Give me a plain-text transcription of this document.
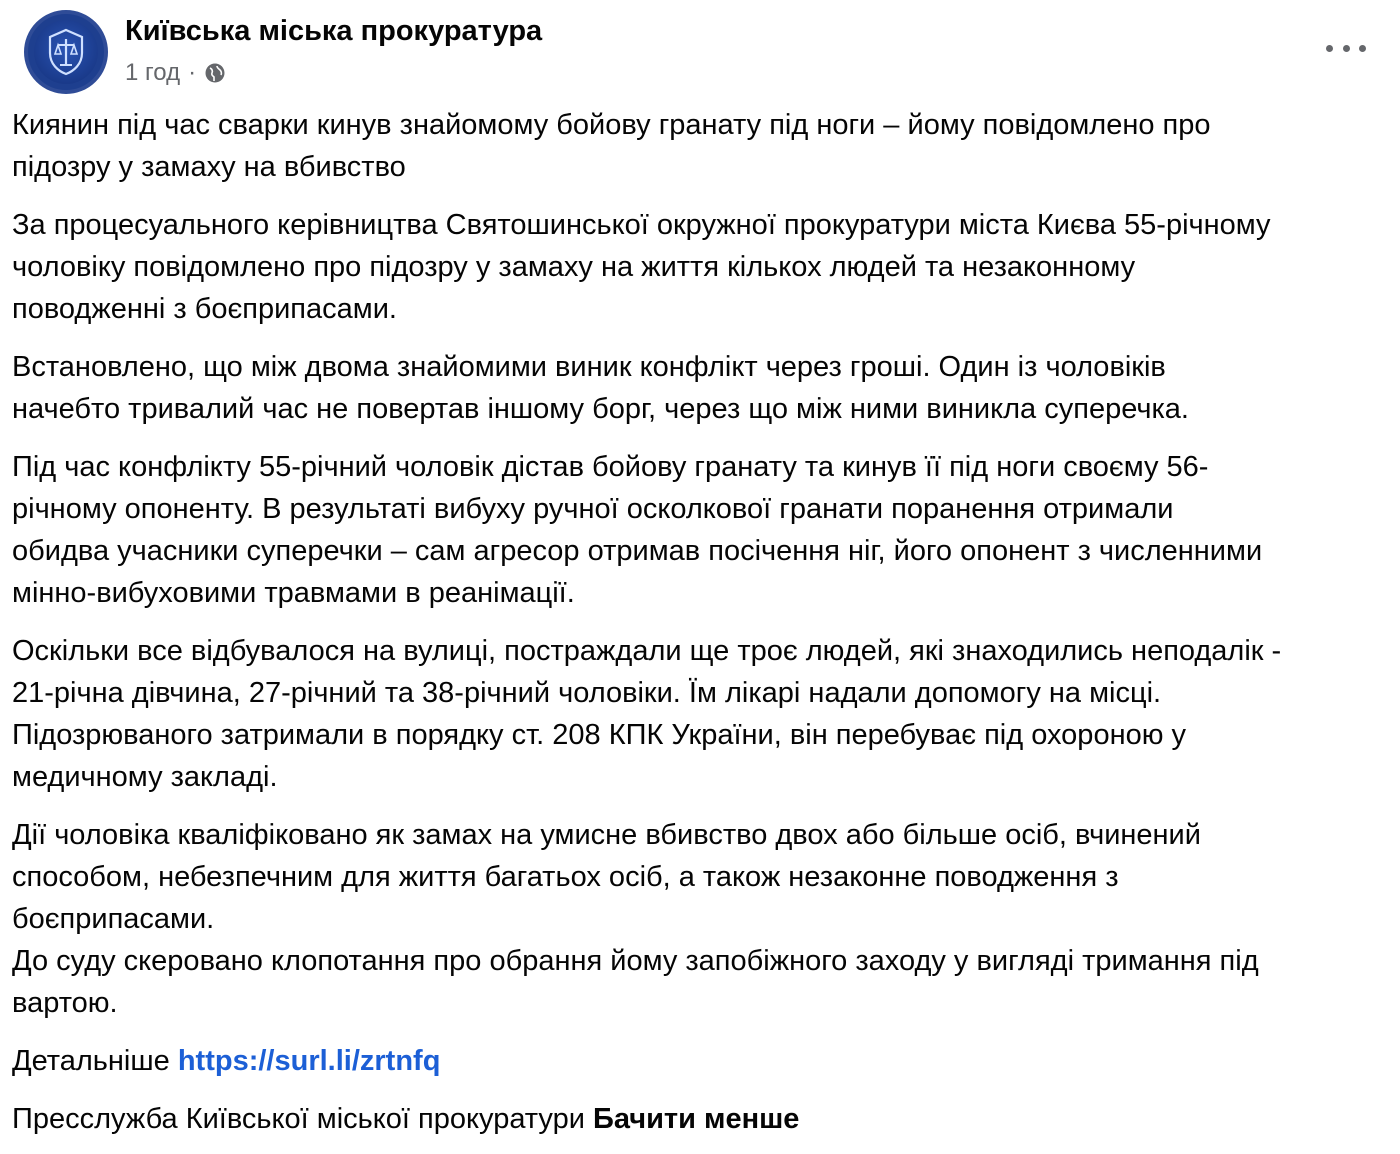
Київська міська прокуратура
1 год ·

Киянин під час сварки кинув знайомому бойову гранату під ноги – йому повідомлено про
підозру у замаху на вбивство

За процесуального керівництва Святошинської окружної прокуратури міста Києва 55-річному
чоловіку повідомлено про підозру у замаху на життя кількох людей та незаконному
поводженні з боєприпасами.

Встановлено, що між двома знайомими виник конфлікт через гроші. Один із чоловіків
начебто тривалий час не повертав іншому борг, через що між ними виникла суперечка.

Під час конфлікту 55-річний чоловік дістав бойову гранату та кинув її під ноги своєму 56-
річному опоненту. В результаті вибуху ручної осколкової гранати поранення отримали
обидва учасники суперечки – сам агресор отримав посічення ніг, його опонент з численними
мінно-вибуховими травмами в реанімації.

Оскільки все відбувалося на вулиці, постраждали ще троє людей, які знаходились неподалік -
21-річна дівчина, 27-річний та 38-річний чоловіки. Їм лікарі надали допомогу на місці.
Підозрюваного затримали в порядку ст. 208 КПК України, він перебуває під охороною у
медичному закладі.

Дії чоловіка кваліфіковано як замах на умисне вбивство двох або більше осіб, вчинений
способом, небезпечним для життя багатьох осіб, а також незаконне поводження з
боєприпасами.
До суду скеровано клопотання про обрання йому запобіжного заходу у вигляді тримання під
вартою.

Детальніше https://surl.li/zrtnfq

Пресслужба Київської міської прокуратури Бачити менше
